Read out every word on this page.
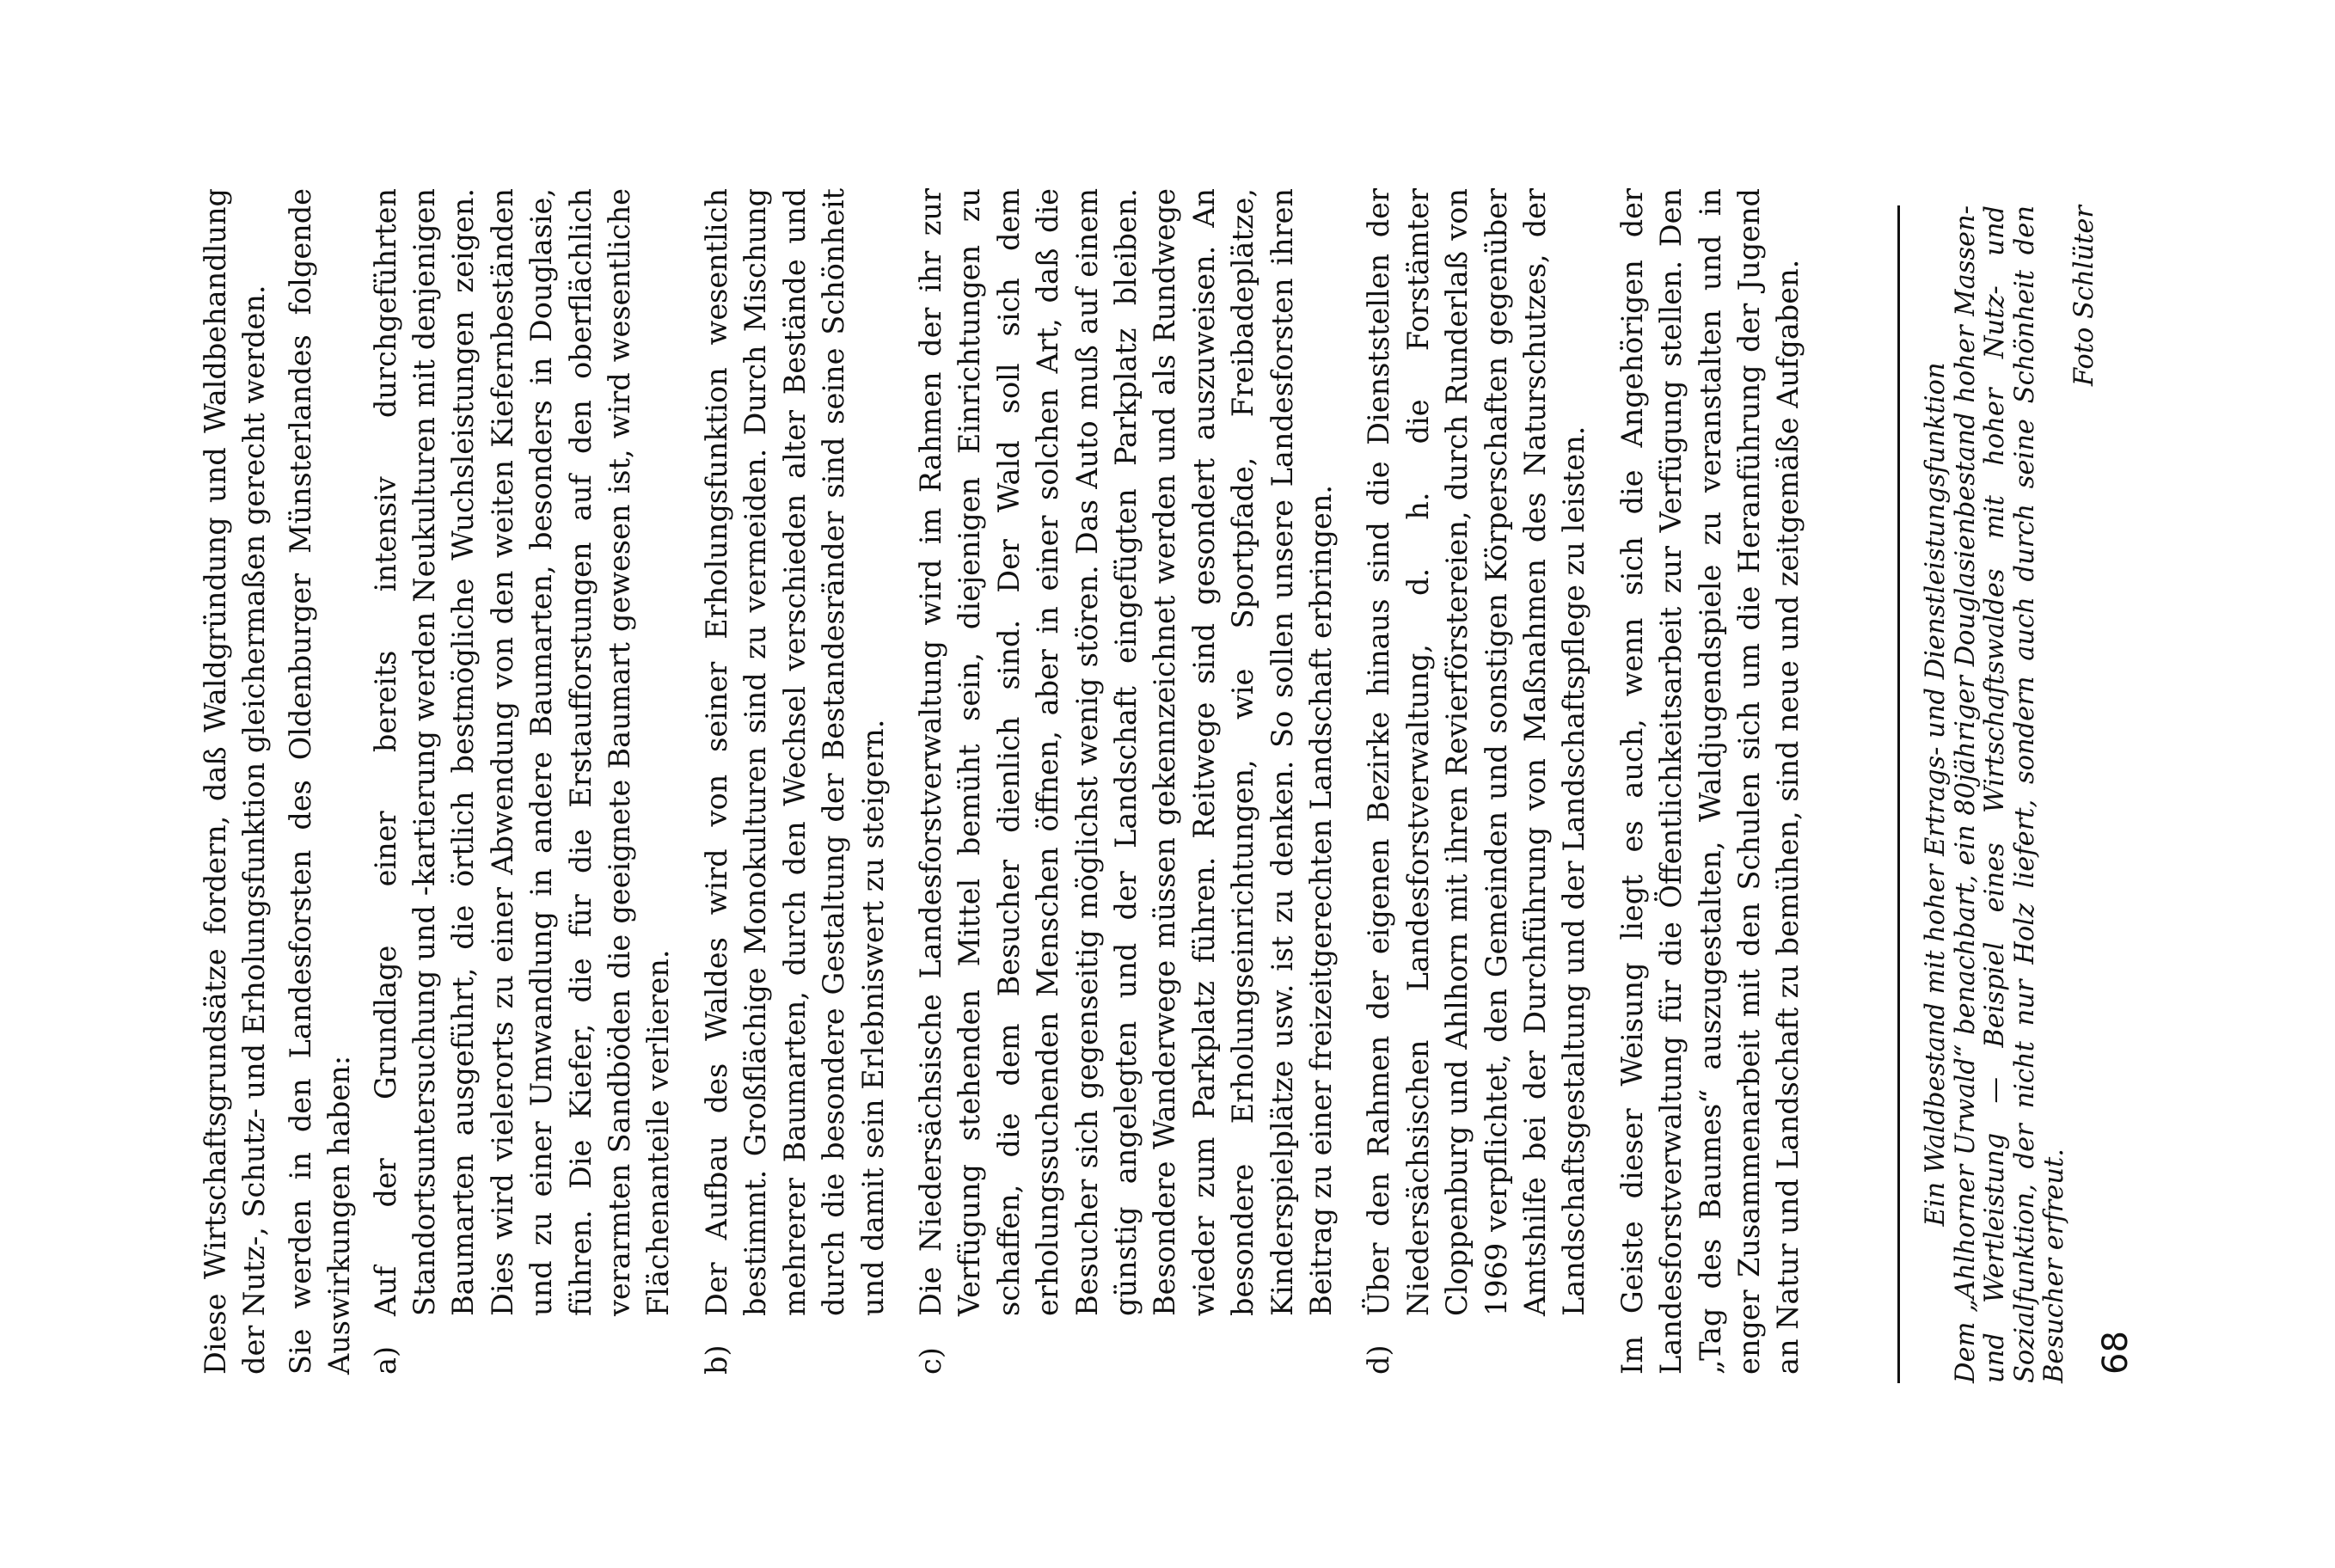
Diese Wirtschaftsgrundsätze fordern, daß Waldgründung und Waldbehandlung der Nutz-, Schutz- und Erholungsfunktion gleichermaßen gerecht werden. Sie werden in den Landesforsten des Oldenburger Münsterlandes folgende Auswirkungen haben: a)
Auf der Grundlage einer bereits intensiv durchgeführten Standortsuntersuchung und -kartierung werden Neukulturen mit denjenigen Baumarten ausgeführt, die örtlich bestmögliche Wuchsleistungen zeigen. Dies wird vielerorts zu einer Abwendung von den weiten Kiefernbeständen und zu einer Umwandlung in andere Baumarten, besonders in Douglasie, führen. Die Kiefer, die für die Erstaufforstungen auf den oberflächlich verarmten Sandböden die geeignete Baumart gewesen ist, wird wesentliche Flächenanteile verlieren.
b)
Der Aufbau des Waldes wird von seiner Erholungsfunktion wesentlich bestimmt. Großflächige Monokulturen sind zu vermeiden. Durch Mischung mehrerer Baumarten, durch den Wechsel verschieden alter Bestände und durch die besondere Gestaltung der Bestandesränder sind seine Schönheit und damit sein Erlebniswert zu steigern.
c)
Die Niedersächsische Landesforstverwaltung wird im Rahmen der ihr zur Verfügung stehenden Mittel bemüht sein, diejenigen Einrichtungen zu schaffen, die dem Besucher dienlich sind. Der Wald soll sich dem erholungssuchenden Menschen öffnen, aber in einer solchen Art, daß die Besucher sich gegenseitig möglichst wenig stören. Das Auto muß auf einem günstig angelegten und der Landschaft eingefügten Parkplatz bleiben. Besondere Wanderwege müssen gekennzeichnet werden und als Rundwege wieder zum Parkplatz führen. Reitwege sind gesondert auszuweisen. An besondere Erholungseinrichtungen, wie Sportpfade, Freibadeplätze, Kinderspielplätze usw. ist zu denken. So sollen unsere Landesforsten ihren Beitrag zu einer freizeitgerechten Landschaft erbringen.
d)
Über den Rahmen der eigenen Bezirke hinaus sind die Dienststellen der Niedersächsischen Landesforstverwaltung, d. h. die Forstämter Cloppenburg und Ahlhorn mit ihren Revierförstereien, durch Runderlaß von 1969 verpflichtet, den Gemeinden und sonstigen Körperschaften gegenüber Amtshilfe bei der Durchführung von Maßnahmen des Naturschutzes, der Landschaftsgestaltung und der Landschaftspflege zu leisten. Im Geiste dieser Weisung liegt es auch, wenn sich die Angehörigen der Landesforstverwaltung für die Öffentlichkeitsarbeit zur Verfügung stellen. Den „Tag des Baumes“ auszugestalten, Waldjugendspiele zu veranstalten und in enger Zusammenarbeit mit den Schulen sich um die Heranführung der Jugend an Natur und Landschaft zu bemühen, sind neue und zeitgemäße Aufgaben.	Ein Waldbestand mit hoher Ertrags- und Dienstleistungsfunktion Dem „Ahlhorner Urwald“ benachbart, ein 80jähriger Douglasienbestand hoher Massen- und Wertleistung — Beispiel eines Wirtschaftswaldes mit hoher Nutz- und Sozialfunktion, der nicht nur Holz liefert, sondern auch durch seine Schönheit den Besucher erfreut.

Foto Schlüter

68
